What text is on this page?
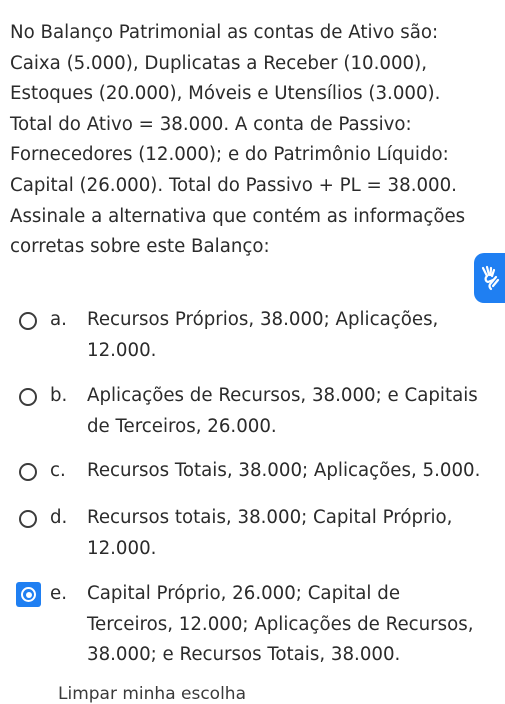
No Balanço Patrimonial as contas de Ativo são:

Caixa (5.000), Duplicatas a Receber (10.000),

Estoques (20.000), Móveis e Utensílios (3.000).

Total do Ativo = 38.000. A conta de Passivo:

Fornecedores (12.000); e do Patrimônio Líquido:

Capital (26.000). Total do Passivo + PL = 38.000.

Assinale a alternativa que contém as informações

corretas sobre este Balanço:

a. Recursos Próprios, 38.000; Aplicações,
12.000.
b. Aplicações de Recursos, 38.000; e Capitais
de Terceiros, 26.000.
c. Recursos Totais, 38.000; Aplicações, 5.000.
d. Recursos totais, 38.000; Capital Próprio,
12.000.
e. Capital Próprio, 26.000; Capital de
Terceiros, 12.000; Aplicações de Recursos,
38.000; e Recursos Totais, 38.000.
Limpar minha escolha
